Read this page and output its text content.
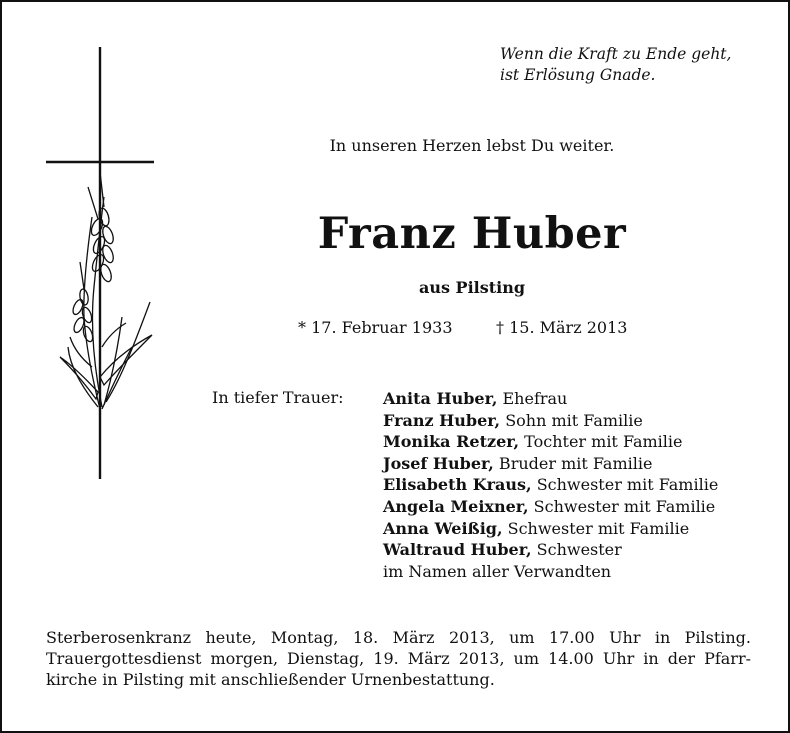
Wenn die Kraft zu Ende geht,
ist Erlösung Gnade.
In unseren Herzen lebst Du weiter.
Franz Huber
aus Pilsting
* 17. Februar 1933	† 15. März 2013
In tiefer Trauer: Anita Huber, Ehefrau
Franz Huber, Sohn mit Familie
Monika Retzer, Tochter mit Familie
Josef Huber, Bruder mit Familie
Elisabeth Kraus, Schwester mit Familie
Angela Meixner, Schwester mit Familie
Anna Weißig, Schwester mit Familie
Waltraud Huber, Schwester
im Namen aller Verwandten
Sterberosenkranz heute, Montag, 18. März 2013, um 17.00 Uhr in Pilsting.
Trauergottesdienst morgen, Dienstag, 19. März 2013, um 14.00 Uhr in der Pfarr-
kirche in Pilsting mit anschließender Urnenbestattung.
